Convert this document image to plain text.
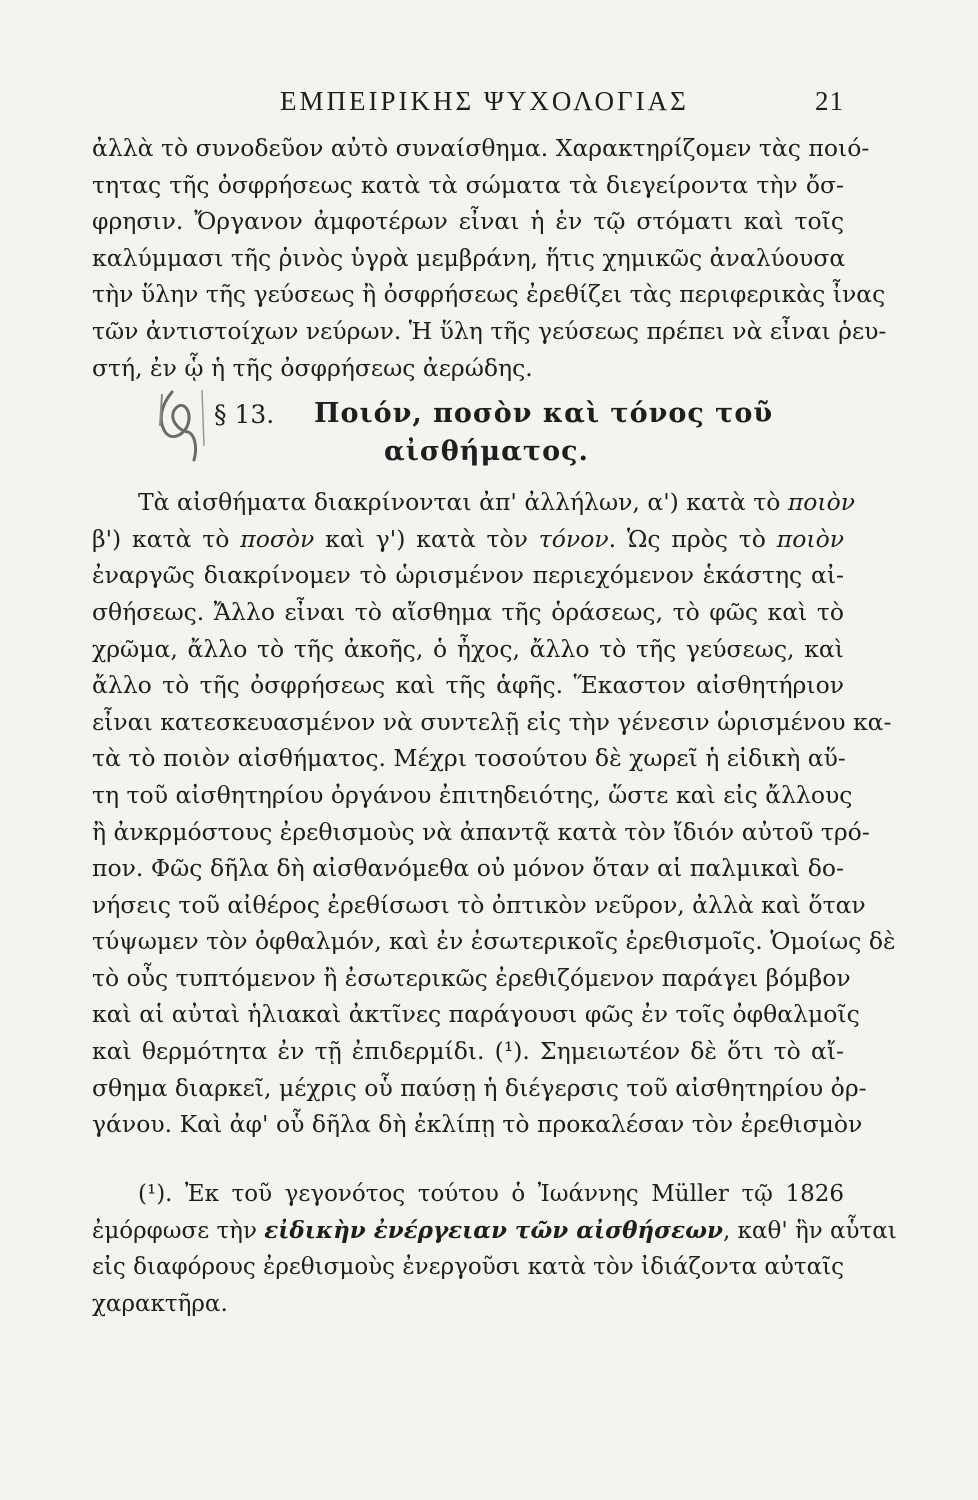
ΕΜΠΕΙΡΙΚΗΣ ΨΥΧΟΛΟΓΙΑΣ	21
ἀλλὰ τὸ συνοδεῦον αὐτὸ συναίσθημα. Χαρακτηρίζομεν τὰς ποιό-
τητας τῆς ὀσφρήσεως κατὰ τὰ σώματα τὰ διεγείροντα τὴν ὄσ-
φρησιν. Ὄργανον ἀμφοτέρων εἶναι ἡ ἐν τῷ στόματι καὶ τοῖς
καλύμμασι τῆς ῥινὸς ὑγρὰ μεμβράνη, ἥτις χημικῶς ἀναλύουσα
τὴν ὕλην τῆς γεύσεως ἢ ὀσφρήσεως ἐρεθίζει τὰς περιφερικὰς ἶνας
τῶν ἀντιστοίχων νεύρων. Ἡ ὕλη τῆς γεύσεως πρέπει νὰ εἶναι ῥευ-
στή, ἐν ᾧ ἡ τῆς ὀσφρήσεως ἀερώδης.
§ 13. Ποιόν, ποσὸν καὶ τόνος τοῦ
αἰσθήματος.
Τὰ αἰσθήματα διακρίνονται ἀπ' ἀλλήλων, α') κατὰ τὸ ποιὸν
β') κατὰ τὸ ποσὸν καὶ γ') κατὰ τὸν τόνον. Ὡς πρὸς τὸ ποιὸν
ἐναργῶς διακρίνομεν τὸ ὡρισμένον περιεχόμενον ἑκάστης αἰ-
σθήσεως. Ἄλλο εἶναι τὸ αἴσθημα τῆς ὁράσεως, τὸ φῶς καὶ τὸ
χρῶμα, ἄλλο τὸ τῆς ἀκοῆς, ὁ ἦχος, ἄλλο τὸ τῆς γεύσεως, καὶ
ἄλλο τὸ τῆς ὀσφρήσεως καὶ τῆς ἁφῆς. Ἕκαστον αἰσθητήριον
εἶναι κατεσκευασμένον νὰ συντελῇ εἰς τὴν γένεσιν ὡρισμένου κα-
τὰ τὸ ποιὸν αἰσθήματος. Μέχρι τοσούτου δὲ χωρεῖ ἡ εἰδικὴ αὕ-
τη τοῦ αἰσθητηρίου ὀργάνου ἐπιτηδειότης, ὥστε καὶ εἰς ἄλλους
ἢ ἀνκρμόστους ἐρεθισμοὺς νὰ ἀπαντᾷ κατὰ τὸν ἴδιόν αὐτοῦ τρό-
πον. Φῶς δῆλα δὴ αἰσθανόμεθα οὐ μόνον ὅταν αἱ παλμικαὶ δο-
νήσεις τοῦ αἰθέρος ἐρεθίσωσι τὸ ὀπτικὸν νεῦρον, ἀλλὰ καὶ ὅταν
τύψωμεν τὸν ὀφθαλμόν, καὶ ἐν ἐσωτερικοῖς ἐρεθισμοῖς. Ὁμοίως δὲ
τὸ οὖς τυπτόμενον ἢ ἐσωτερικῶς ἐρεθιζόμενον παράγει βόμβον
καὶ αἱ αὐταὶ ἡλιακαὶ ἀκτῖνες παράγουσι φῶς ἐν τοῖς ὀφθαλμοῖς
καὶ θερμότητα ἐν τῇ ἐπιδερμίδι. (¹). Σημειωτέον δὲ ὅτι τὸ αἴ-
σθημα διαρκεῖ, μέχρις οὗ παύσῃ ἡ διέγερσις τοῦ αἰσθητηρίου ὀρ-
γάνου. Καὶ ἀφ' οὗ δῆλα δὴ ἐκλίπῃ τὸ προκαλέσαν τὸν ἐρεθισμὸν
(¹). Ἐκ τοῦ γεγονότος τούτου ὁ Ἰωάννης Müller τῷ 1826
ἐμόρφωσε τὴν εἰδικὴν ἐνέργειαν τῶν αἰσθήσεων, καθ' ἣν αὗται
εἰς διαφόρους ἐρεθισμοὺς ἐνεργοῦσι κατὰ τὸν ἰδιάζοντα αὐταῖς
χαρακτῆρα.
